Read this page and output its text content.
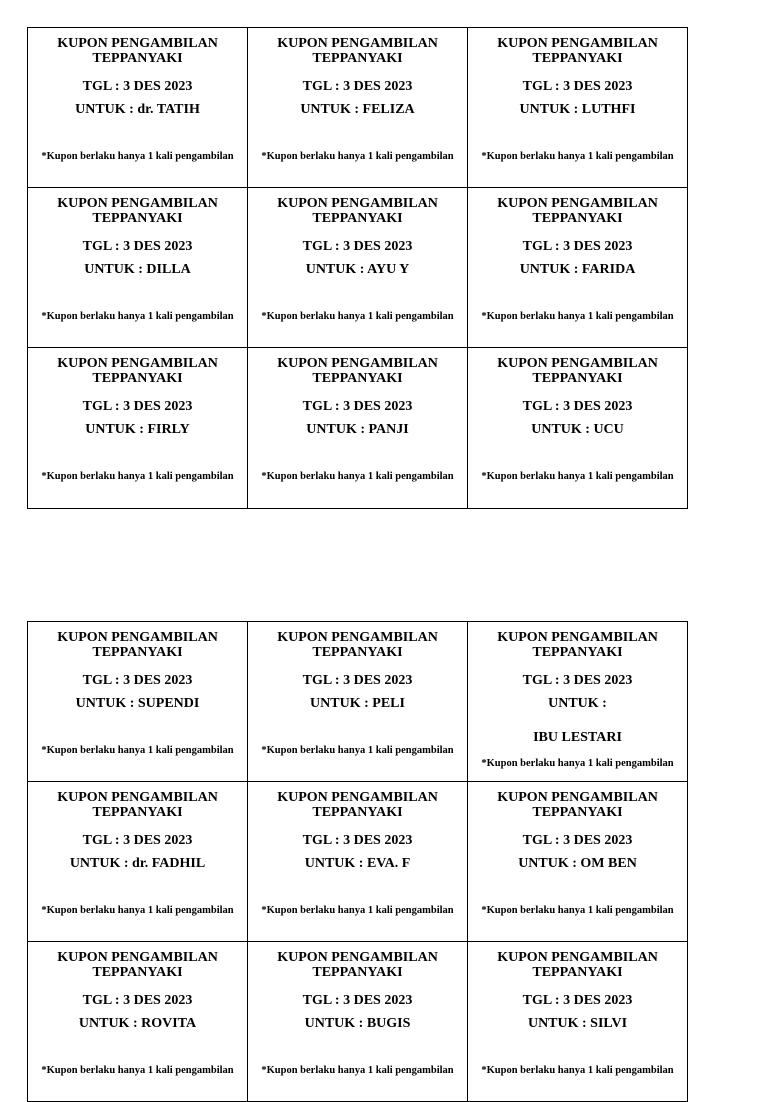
KUPON PENGAMBILAN
TEPPANYAKI
TGL : 3 DES 2023
UNTUK : dr. TATIH
*Kupon berlaku hanya 1 kali pengambilan
KUPON PENGAMBILAN
TEPPANYAKI
TGL : 3 DES 2023
UNTUK : FELIZA
*Kupon berlaku hanya 1 kali pengambilan
KUPON PENGAMBILAN
TEPPANYAKI
TGL : 3 DES 2023
UNTUK : LUTHFI
*Kupon berlaku hanya 1 kali pengambilan
KUPON PENGAMBILAN
TEPPANYAKI
TGL : 3 DES 2023
UNTUK : DILLA
*Kupon berlaku hanya 1 kali pengambilan
KUPON PENGAMBILAN
TEPPANYAKI
TGL : 3 DES 2023
UNTUK : AYU Y
*Kupon berlaku hanya 1 kali pengambilan
KUPON PENGAMBILAN
TEPPANYAKI
TGL : 3 DES 2023
UNTUK : FARIDA
*Kupon berlaku hanya 1 kali pengambilan
KUPON PENGAMBILAN
TEPPANYAKI
TGL : 3 DES 2023
UNTUK : FIRLY
*Kupon berlaku hanya 1 kali pengambilan
KUPON PENGAMBILAN
TEPPANYAKI
TGL : 3 DES 2023
UNTUK : PANJI
*Kupon berlaku hanya 1 kali pengambilan
KUPON PENGAMBILAN
TEPPANYAKI
TGL : 3 DES 2023
UNTUK : UCU
*Kupon berlaku hanya 1 kali pengambilan
KUPON PENGAMBILAN
TEPPANYAKI
TGL : 3 DES 2023
UNTUK : SUPENDI
*Kupon berlaku hanya 1 kali pengambilan
KUPON PENGAMBILAN
TEPPANYAKI
TGL : 3 DES 2023
UNTUK : PELI
*Kupon berlaku hanya 1 kali pengambilan
KUPON PENGAMBILAN
TEPPANYAKI
TGL : 3 DES 2023
UNTUK :
IBU LESTARI
*Kupon berlaku hanya 1 kali pengambilan
KUPON PENGAMBILAN
TEPPANYAKI
TGL : 3 DES 2023
UNTUK : dr. FADHIL
*Kupon berlaku hanya 1 kali pengambilan
KUPON PENGAMBILAN
TEPPANYAKI
TGL : 3 DES 2023
UNTUK : EVA. F
*Kupon berlaku hanya 1 kali pengambilan
KUPON PENGAMBILAN
TEPPANYAKI
TGL : 3 DES 2023
UNTUK : OM BEN
*Kupon berlaku hanya 1 kali pengambilan
KUPON PENGAMBILAN
TEPPANYAKI
TGL : 3 DES 2023
UNTUK : ROVITA
*Kupon berlaku hanya 1 kali pengambilan
KUPON PENGAMBILAN
TEPPANYAKI
TGL : 3 DES 2023
UNTUK : BUGIS
*Kupon berlaku hanya 1 kali pengambilan
KUPON PENGAMBILAN
TEPPANYAKI
TGL : 3 DES 2023
UNTUK : SILVI
*Kupon berlaku hanya 1 kali pengambilan
